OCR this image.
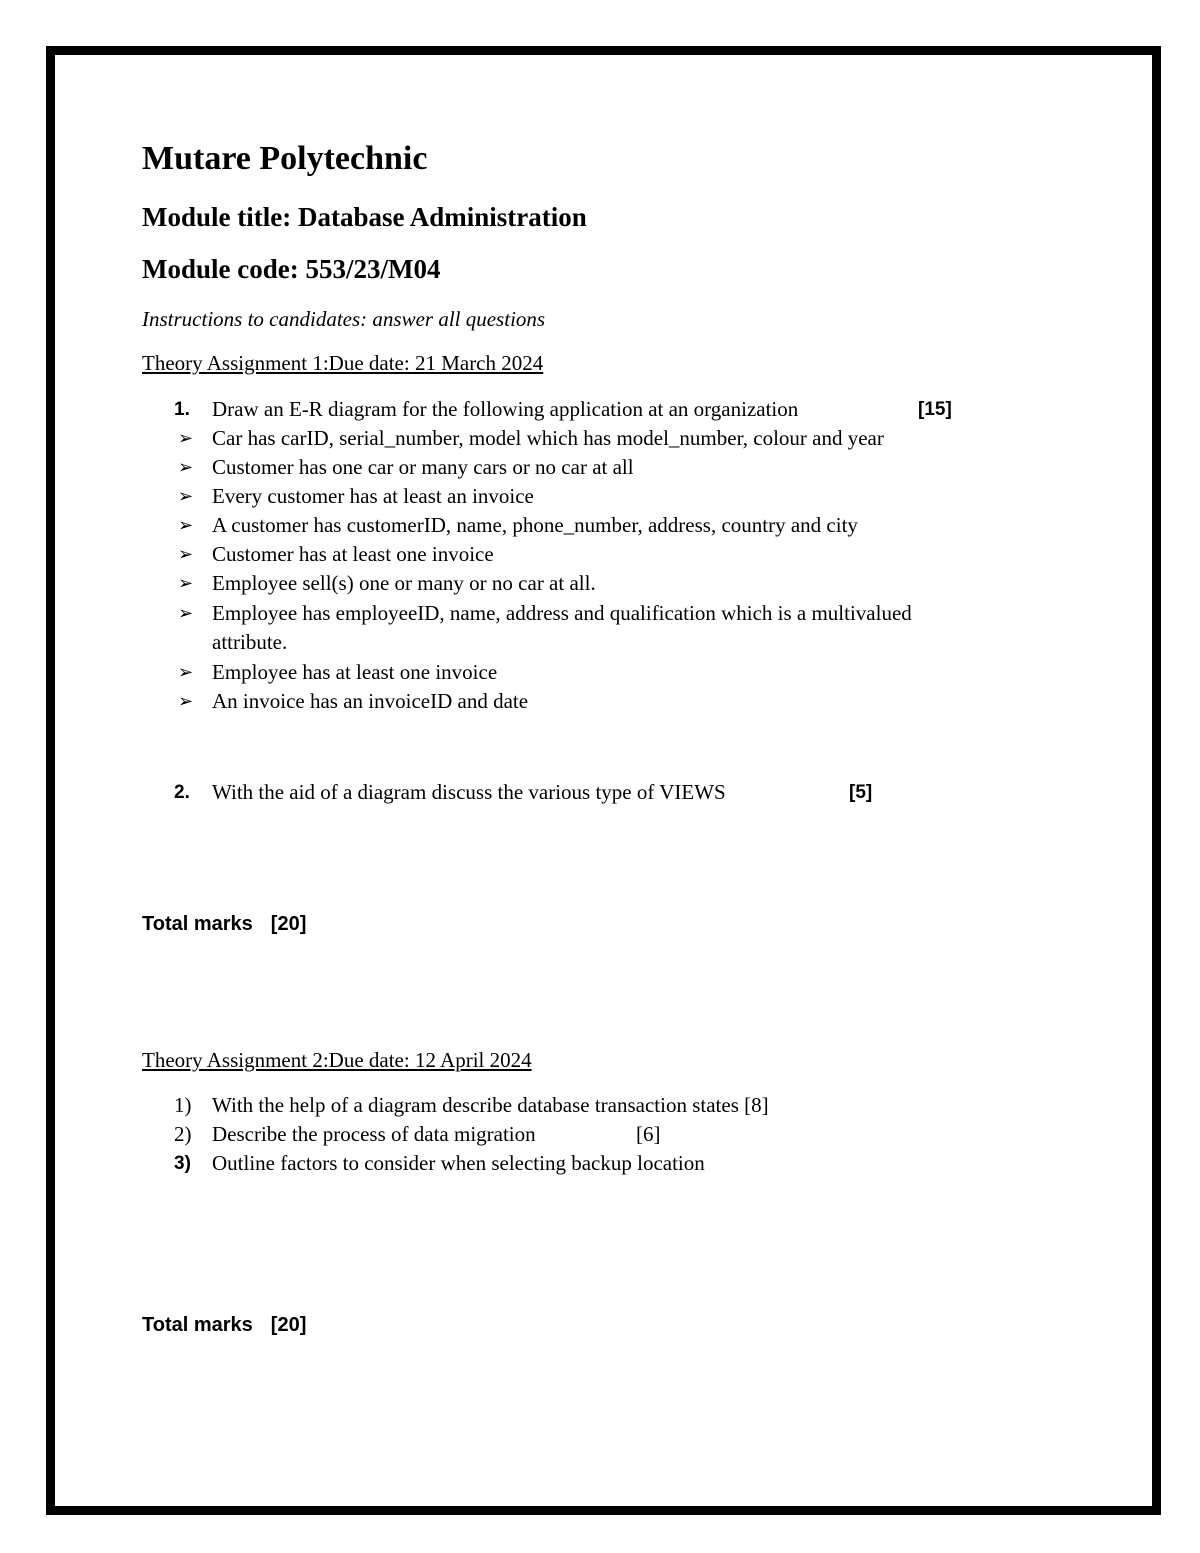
Mutare Polytechnic
Module title: Database Administration
Module code: 553/23/M04
Instructions to candidates: answer all questions
Theory Assignment 1:Due date: 21 March 2024
1.	Draw an E-R diagram for the following application at an organization	[15]
➢ Car has carID, serial_number, model which has model_number, colour and year
➢ Customer has one car or many cars or no car at all
➢ Every customer has at least an invoice
➢ A customer has customerID, name, phone_number, address, country and city
➢ Customer has at least one invoice
➢ Employee sell(s) one or many or no car at all.
➢ Employee has employeeID, name, address and qualification which is a multivalued
attribute.
➢ Employee has at least one invoice
➢ An invoice has an invoiceID and date
2.	With the aid of a diagram discuss the various type of VIEWS	[5]
Total marks [20]
Theory Assignment 2:Due date: 12 April 2024
1) With the help of a diagram describe database transaction states [8]
2) Describe the process of data migration	[6]
3)	Outline factors to consider when selecting backup location
Total marks [20]
